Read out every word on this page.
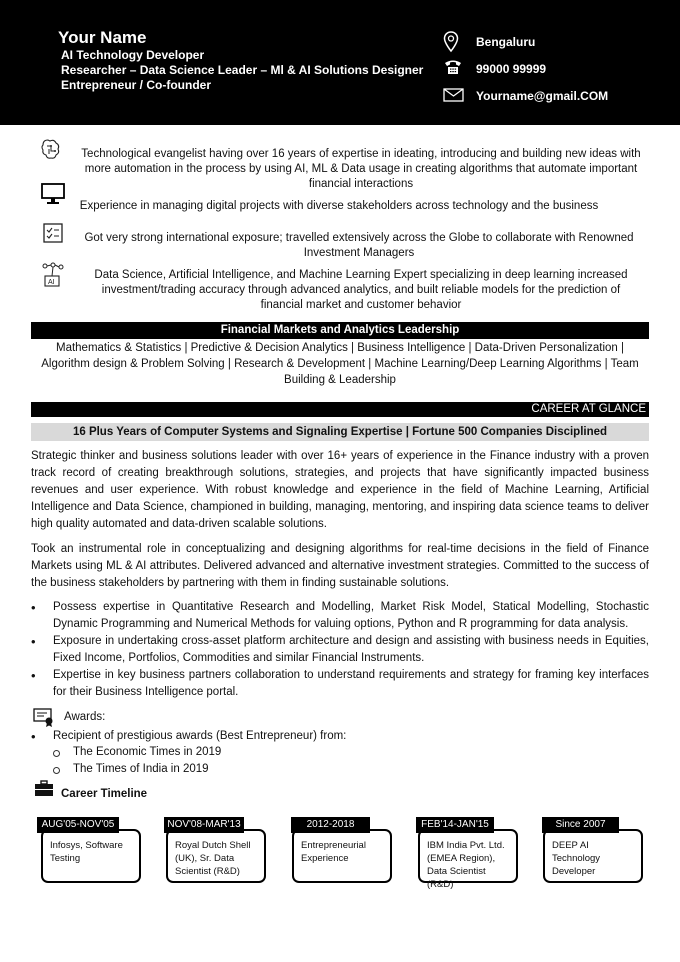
Your Name
AI Technology Developer
Researcher – Data Science Leader – Ml & AI Solutions Designer
Entrepreneur / Co-founder
Bengaluru
99000 99999
Yourname@gmail.COM
Technological evangelist having over 16 years of expertise in ideating, introducing and building new ideas with more automation in the process by using AI, ML & Data usage in creating algorithms that automate important financial interactions
Experience in managing digital projects with diverse stakeholders across technology and the business
Got very strong international exposure; travelled extensively across the Globe to collaborate with Renowned Investment Managers
AI
Data Science, Artificial Intelligence, and Machine Learning Expert specializing in deep learning increased investment/trading accuracy through advanced analytics, and built reliable models for the prediction of financial market and customer behavior
Financial Markets and Analytics Leadership
Mathematics & Statistics | Predictive & Decision Analytics | Business Intelligence | Data-Driven Personalization | Algorithm design & Problem Solving | Research & Development | Machine Learning/Deep Learning Algorithms | Team Building & Leadership
CAREER AT GLANCE
16 Plus Years of Computer Systems and Signaling Expertise | Fortune 500 Companies Disciplined
Strategic thinker and business solutions leader with over 16+ years of experience in the Finance industry with a proven track record of creating breakthrough solutions, strategies, and projects that have significantly impacted business revenues and user experience. With robust knowledge and experience in the field of Machine Learning, Artificial Intelligence and Data Science, championed in building, managing, mentoring, and inspiring data science teams to deliver high quality automated and data-driven scalable solutions.
Took an instrumental role in conceptualizing and designing algorithms for real-time decisions in the field of Finance Markets using ML & AI attributes. Delivered advanced and alternative investment strategies. Committed to the success of the business stakeholders by partnering with them in finding sustainable solutions.
• Possess expertise in Quantitative Research and Modelling, Market Risk Model, Statical Modelling, Stochastic Dynamic Programming and Numerical Methods for valuing options, Python and R programming for data analysis.
• Exposure in undertaking cross-asset platform architecture and design and assisting with business needs in Equities, Fixed Income, Portfolios, Commodities and similar Financial Instruments.
• Expertise in key business partners collaboration to understand requirements and strategy for framing key interfaces for their Business Intelligence portal.
Awards:
• Recipient of prestigious awards (Best Entrepreneur) from:
The Economic Times in 2019
The Times of India in 2019
Career Timeline
Infosys, Software Testing
AUG'05-NOV'05
Royal Dutch Shell (UK), Sr. Data Scientist (R&D)
NOV'08-MAR'13
Entrepreneurial Experience
2012-2018
IBM India Pvt. Ltd. (EMEA Region), Data Scientist (R&D)
FEB'14-JAN'15
DEEP AI Technology Developer
Since 2007
